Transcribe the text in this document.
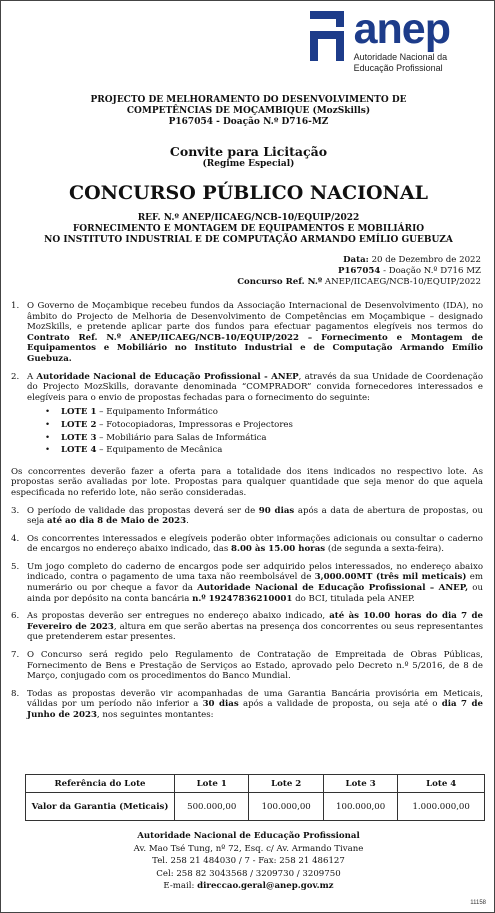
anep
Autoridade Nacional da
Educação Profissional
PROJECTO DE MELHORAMENTO DO DESENVOLVIMENTO DE
COMPETÊNCIAS DE MOÇAMBIQUE (MozSkills)
P167054 - Doação N.º D716-MZ
Convite para Licitação
(Regime Especial)
CONCURSO PÚBLICO NACIONAL
REF. N.º ANEP/IICAEG/NCB-10/EQUIP/2022
FORNECIMENTO E MONTAGEM DE EQUIPAMENTOS E MOBILIÁRIO
NO INSTITUTO INDUSTRIAL E DE COMPUTAÇÃO ARMANDO EMÍLIO GUEBUZA
Data: 20 de Dezembro de 2022
P167054 - Doação N.º D716 MZ
Concurso Ref. N.º ANEP/IICAEG/NCB-10/EQUIP/2022
1. O Governo de Moçambique recebeu fundos da Associação Internacional de Desenvolvimento (IDA), no âmbito do Projecto de Melhoria de Desenvolvimento de Competências em Moçambique – designado MozSkills, e pretende aplicar parte dos fundos para efectuar pagamentos elegíveis nos termos do Contrato Ref. N.º ANEP/IICAEG/NCB-10/EQUIP/2022 – Fornecimento e Montagem de Equipamentos e Mobiliário no Instituto Industrial e de Computação Armando Emílio Guebuza.
2. A Autoridade Nacional de Educação Profissional - ANEP, através da sua Unidade de Coordenação do Projecto MozSkills, doravante denominada “COMPRADOR” convida fornecedores interessados e elegíveis para o envio de propostas fechadas para o fornecimento do seguinte:
• LOTE 1 – Equipamento Informático
• LOTE 2 – Fotocopiadoras, Impressoras e Projectores
• LOTE 3 – Mobiliário para Salas de Informática
• LOTE 4 – Equipamento de Mecânica
Os concorrentes deverão fazer a oferta para a totalidade dos itens indicados no respectivo lote. As propostas serão avaliadas por lote. Propostas para qualquer quantidade que seja menor do que aquela especificada no referido lote, não serão consideradas.
3. O período de validade das propostas deverá ser de 90 dias após a data de abertura de propostas, ou seja até ao dia 8 de Maio de 2023.
4. Os concorrentes interessados e elegíveis poderão obter informações adicionais ou consultar o caderno de encargos no endereço abaixo indicado, das 8.00 às 15.00 horas (de segunda a sexta-feira).
5. Um jogo completo do caderno de encargos pode ser adquirido pelos interessados, no endereço abaixo indicado, contra o pagamento de uma taxa não reembolsável de 3,000.00MT (três mil meticais) em numerário ou por cheque a favor da Autoridade Nacional de Educação Profissional – ANEP, ou ainda por depósito na conta bancária n.º 19247836210001 do BCI, titulada pela ANEP.
6. As propostas deverão ser entregues no endereço abaixo indicado, até às 10.00 horas do dia 7 de Fevereiro de 2023, altura em que serão abertas na presença dos concorrentes ou seus representantes que pretenderem estar presentes.
7. O Concurso será regido pelo Regulamento de Contratação de Empreitada de Obras Públicas, Fornecimento de Bens e Prestação de Serviços ao Estado, aprovado pelo Decreto n.º 5/2016, de 8 de Março, conjugado com os procedimentos do Banco Mundial.
8. Todas as propostas deverão vir acompanhadas de uma Garantia Bancária provisória em Meticais, válidas por um período não inferior a 30 dias após a validade de proposta, ou seja até o dia 7 de Junho de 2023, nos seguintes montantes:
Referência do Lote	Lote 1	Lote 2	Lote 3	Lote 4
Valor da Garantia (Meticais)	500.000,00	100.000,00	100.000,00	1.000.000,00
Autoridade Nacional de Educação Profissional
Av. Mao Tsé Tung, nº 72, Esq. c/ Av. Armando Tivane
Tel. 258 21 484030 / 7 - Fax: 258 21 486127
Cel: 258 82 3043568 / 3209730 / 3209750
E-mail: direccao.geral@anep.gov.mz
11158
